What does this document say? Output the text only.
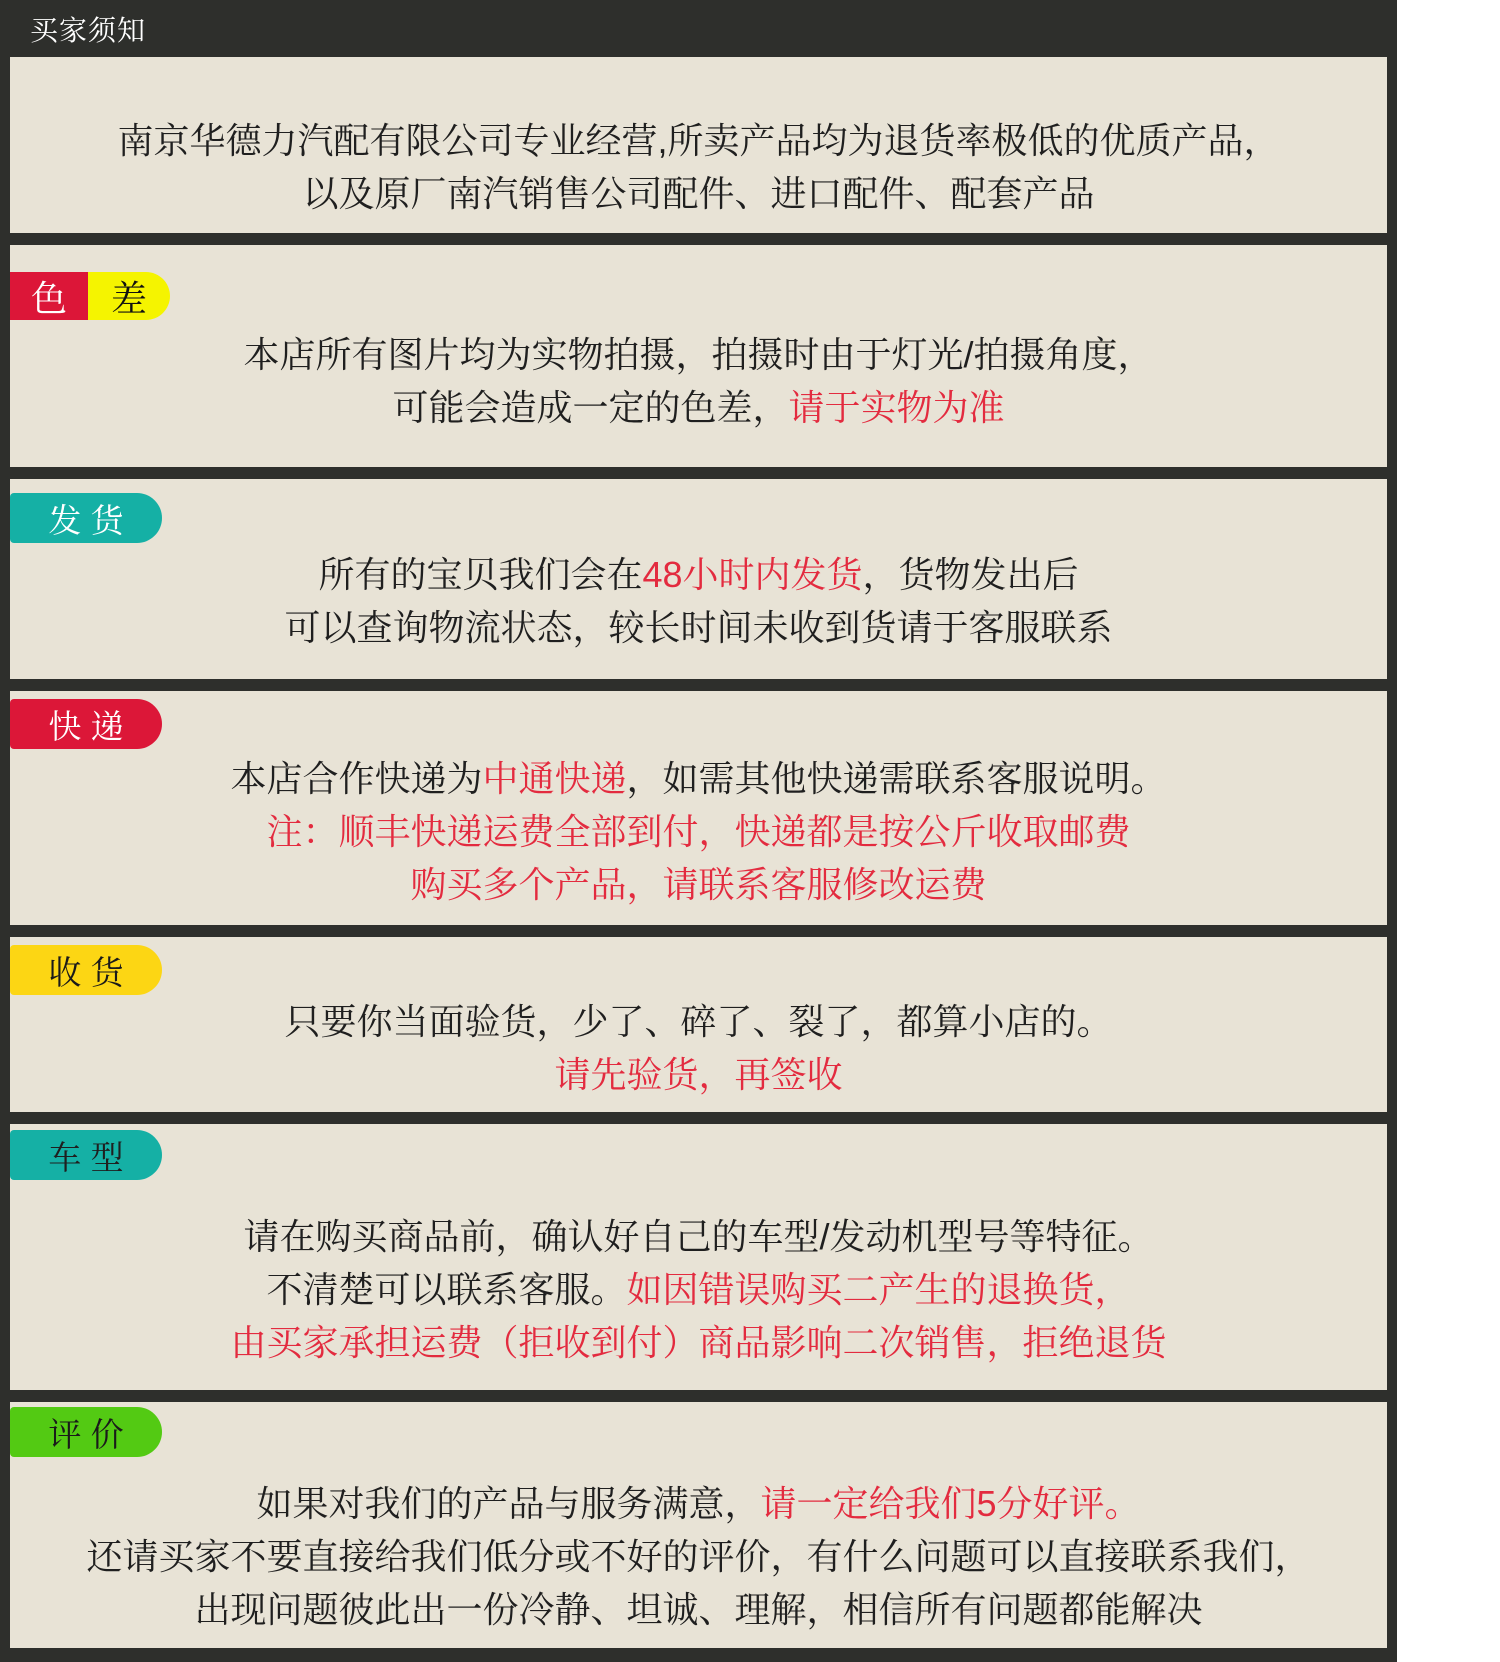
买家须知

南京华德力汽配有限公司专业经营,所卖产品均为退货率极低的优质产品，

以及原厂南汽销售公司配件、进口配件、配套产品

色	差

本店所有图片均为实物拍摄，拍摄时由于灯光/拍摄角度，

可能会造成一定的色差，请于实物为准

发 货

所有的宝贝我们会在48小时内发货，货物发出后

可以查询物流状态，较长时间未收到货请于客服联系

快 递

本店合作快递为中通快递，如需其他快递需联系客服说明。

注：顺丰快递运费全部到付，快递都是按公斤收取邮费

购买多个产品，请联系客服修改运费

收 货

只要你当面验货，少了、碎了、裂了，都算小店的。

请先验货，再签收

车 型

请在购买商品前，确认好自己的车型/发动机型号等特征。

不清楚可以联系客服。如因错误购买二产生的退换货，

由买家承担运费（拒收到付）商品影响二次销售，拒绝退货

评 价

如果对我们的产品与服务满意，请一定给我们5分好评。

还请买家不要直接给我们低分或不好的评价，有什么问题可以直接联系我们，

出现问题彼此出一份冷静、坦诚、理解，相信所有问题都能解决
